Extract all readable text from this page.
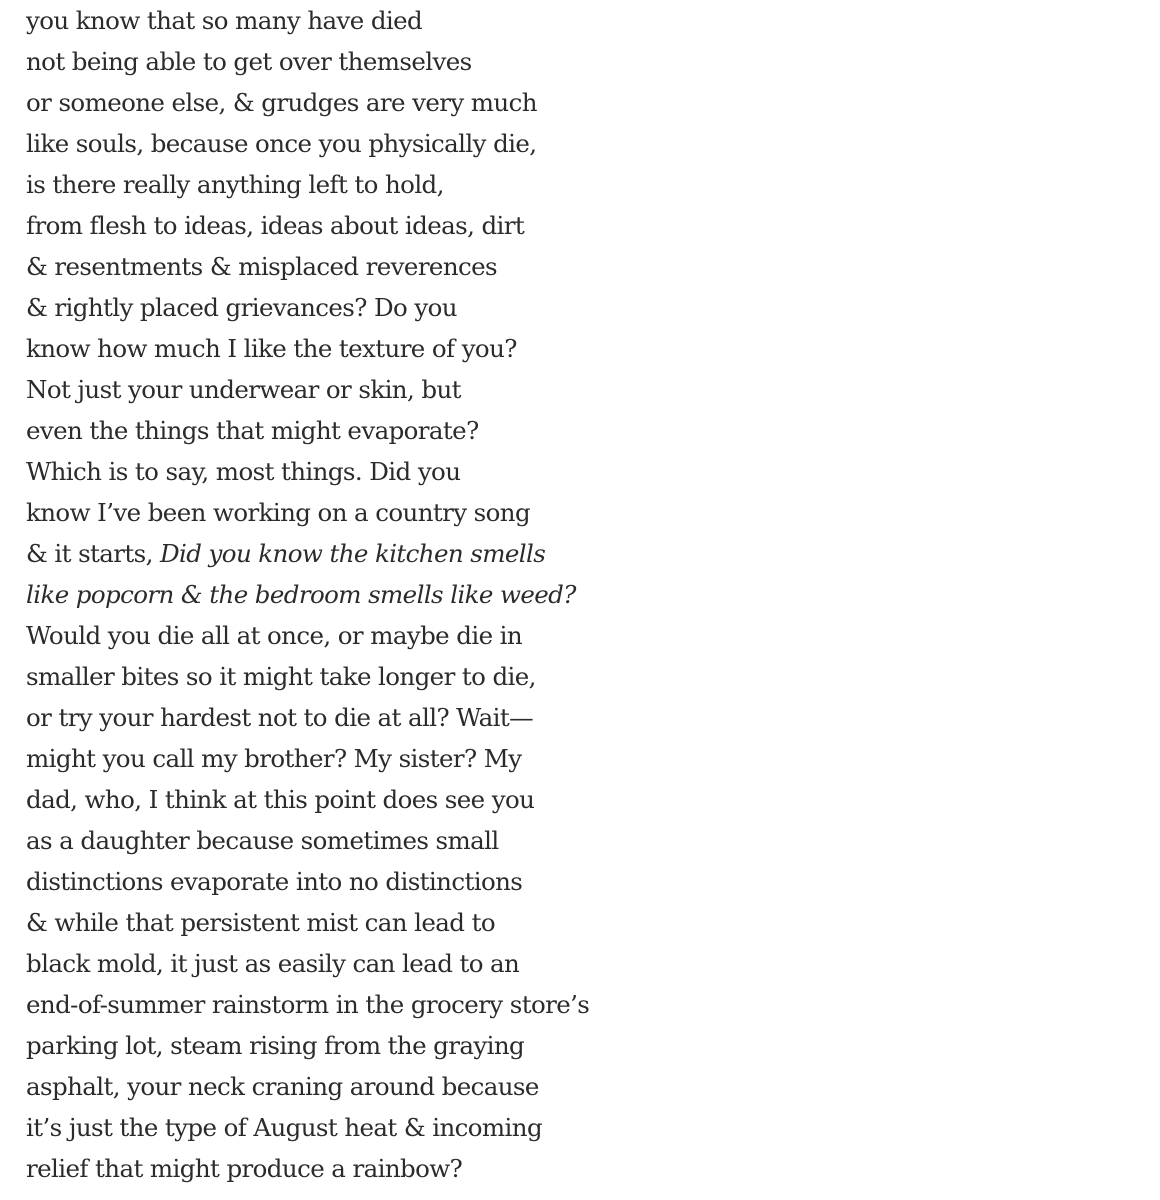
you know that so many have died
not being able to get over themselves
or someone else, & grudges are very much
like souls, because once you physically die,
is there really anything left to hold,
from flesh to ideas, ideas about ideas, dirt
& resentments & misplaced reverences
& rightly placed grievances? Do you
know how much I like the texture of you?
Not just your underwear or skin, but
even the things that might evaporate?
Which is to say, most things. Did you
know I’ve been working on a country song
& it starts, Did you know the kitchen smells
like popcorn & the bedroom smells like weed?
Would you die all at once, or maybe die in
smaller bites so it might take longer to die,
or try your hardest not to die at all? Wait—
might you call my brother? My sister? My
dad, who, I think at this point does see you
as a daughter because sometimes small
distinctions evaporate into no distinctions
& while that persistent mist can lead to
black mold, it just as easily can lead to an
end-of-summer rainstorm in the grocery store’s
parking lot, steam rising from the graying
asphalt, your neck craning around because
it’s just the type of August heat & incoming
relief that might produce a rainbow?
